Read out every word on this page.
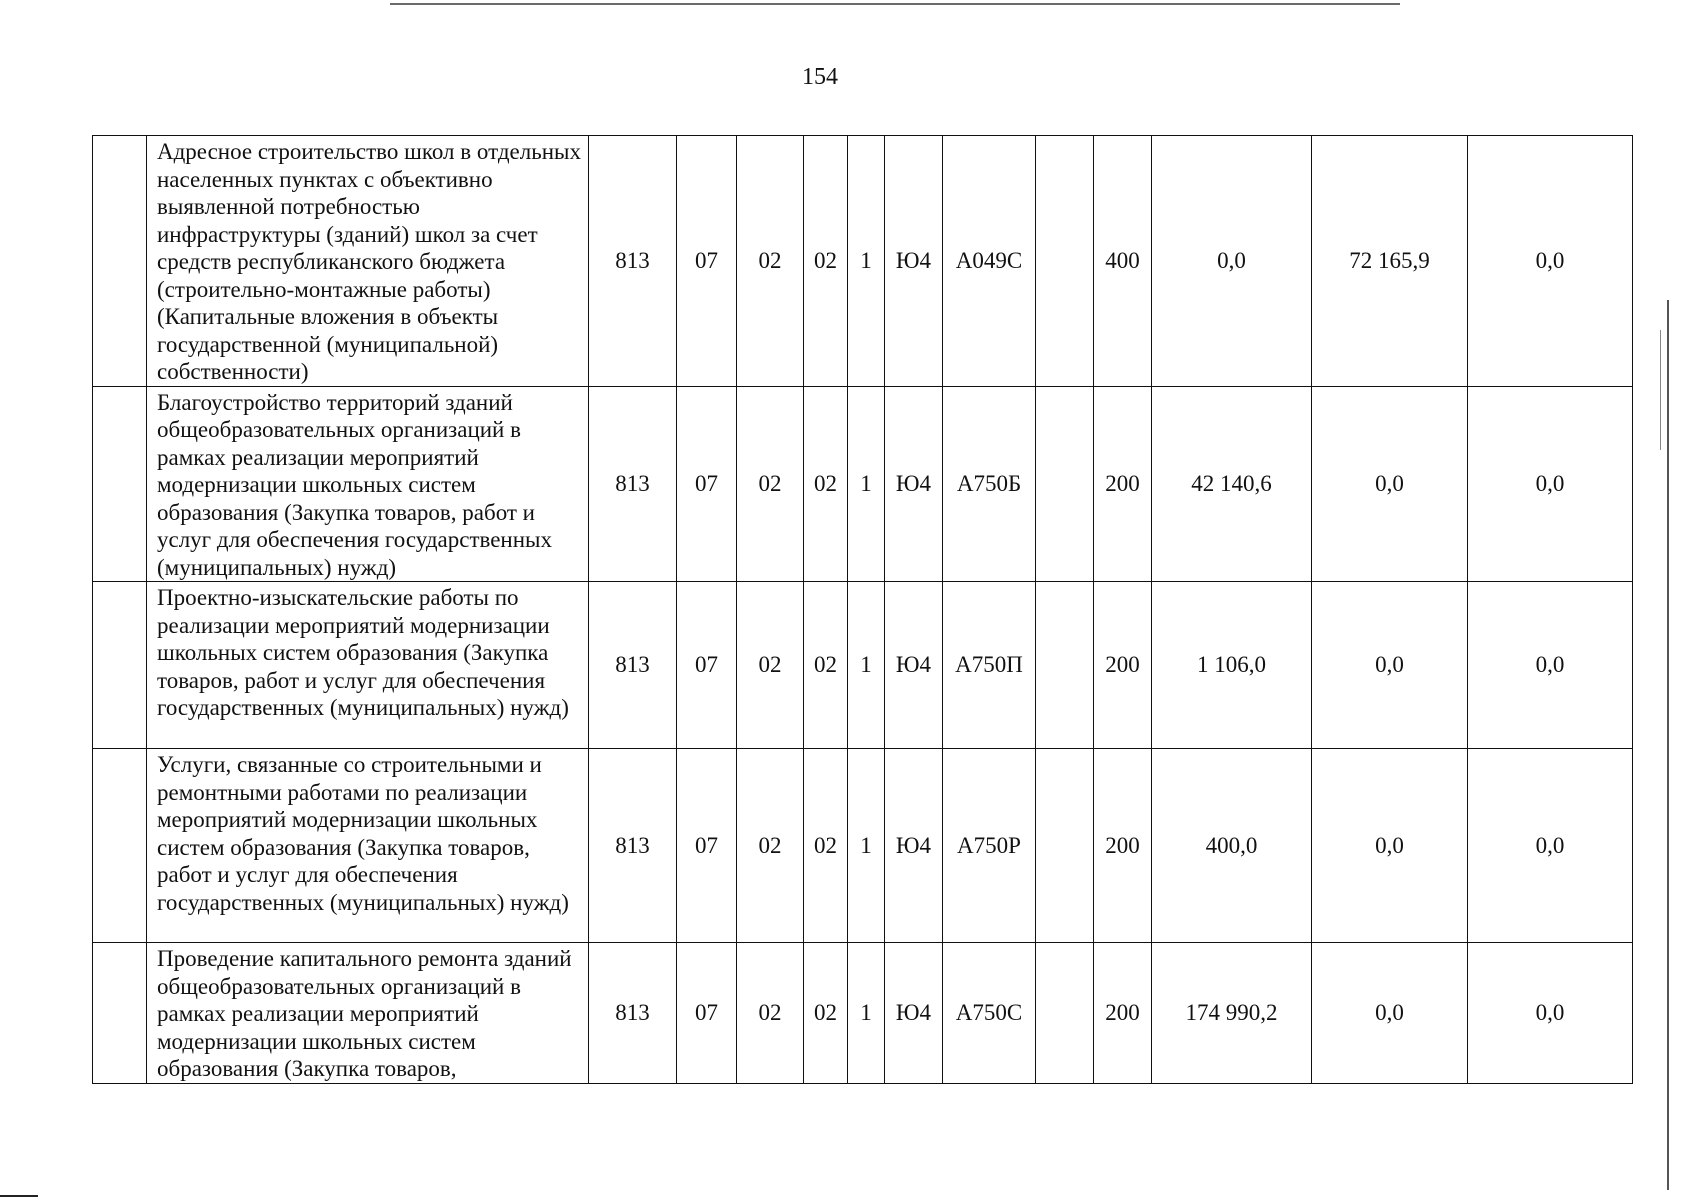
154
	Адресное строительство школ в отдельных населенных пунктах с объективно выявленной потребностью инфраструктуры (зданий) школ за счет средств республиканского бюджета (строительно-монтажные работы) (Капитальные вложения в объекты государственной (муниципальной) собственности)	813	07	02	02	1	Ю4	А049С		400	0,0	72 165,9	0,0
	Благоустройство территорий зданий общеобразовательных организаций в рамках реализации мероприятий модернизации школьных систем образования (Закупка товаров, работ и услуг для обеспечения государственных (муниципальных) нужд)	813	07	02	02	1	Ю4	А750Б		200	42 140,6	0,0	0,0
	Проектно-изыскательские работы по реализации мероприятий модернизации школьных систем образования (Закупка товаров, работ и услуг для обеспечения государственных (муниципальных) нужд)	813	07	02	02	1	Ю4	А750П		200	1 106,0	0,0	0,0
	Услуги, связанные со строительными и ремонтными работами по реализации мероприятий модернизации школьных систем образования (Закупка товаров, работ и услуг для обеспечения государственных (муниципальных) нужд)	813	07	02	02	1	Ю4	А750Р		200	400,0	0,0	0,0
	Проведение капитального ремонта зданий общеобразовательных организаций в рамках реализации мероприятий модернизации школьных систем образования (Закупка товаров,	813	07	02	02	1	Ю4	А750С		200	174 990,2	0,0	0,0
